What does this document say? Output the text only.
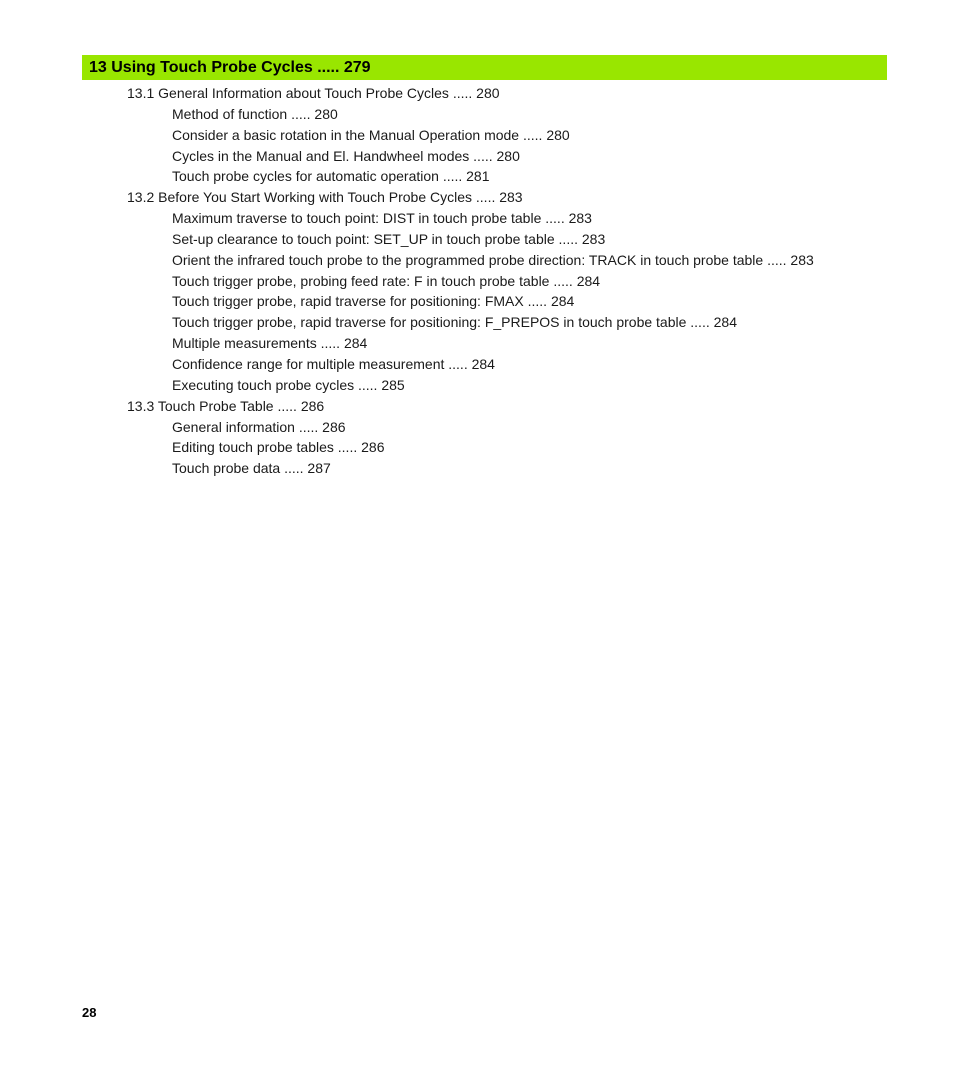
13 Using Touch Probe Cycles ..... 279
13.1 General Information about Touch Probe Cycles ..... 280
Method of function ..... 280
Consider a basic rotation in the Manual Operation mode ..... 280
Cycles in the Manual and El. Handwheel modes ..... 280
Touch probe cycles for automatic operation ..... 281
13.2 Before You Start Working with Touch Probe Cycles ..... 283
Maximum traverse to touch point: DIST in touch probe table ..... 283
Set-up clearance to touch point: SET_UP in touch probe table ..... 283
Orient the infrared touch probe to the programmed probe direction: TRACK in touch probe table ..... 283
Touch trigger probe, probing feed rate: F in touch probe table ..... 284
Touch trigger probe, rapid traverse for positioning: FMAX ..... 284
Touch trigger probe, rapid traverse for positioning: F_PREPOS in touch probe table ..... 284
Multiple measurements ..... 284
Confidence range for multiple measurement ..... 284
Executing touch probe cycles ..... 285
13.3 Touch Probe Table ..... 286
General information ..... 286
Editing touch probe tables ..... 286
Touch probe data ..... 287
28
